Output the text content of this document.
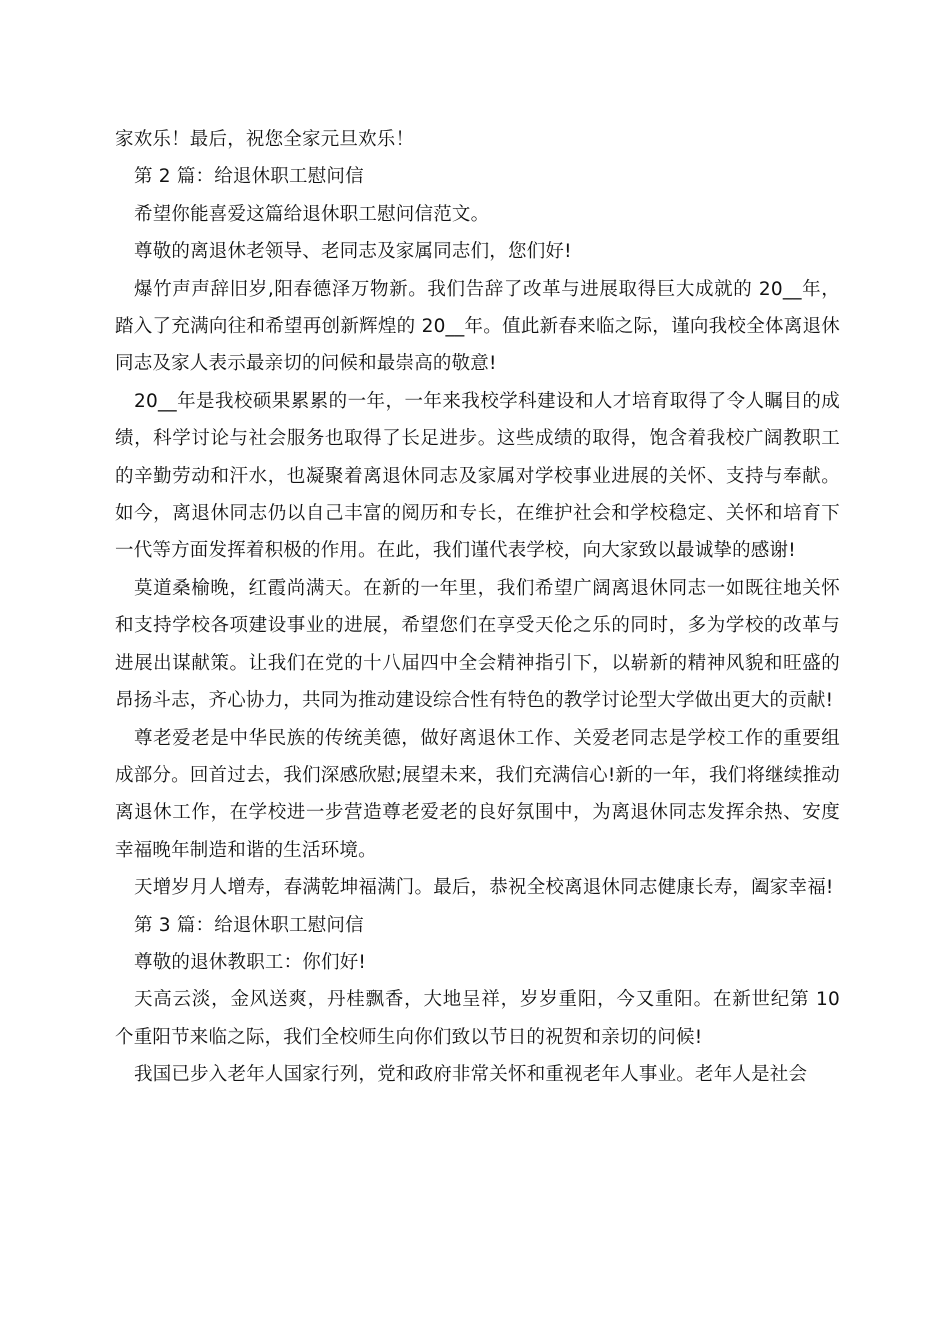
家欢乐！最后，祝您全家元旦欢乐！

第 2 篇：给退休职工慰问信

希望你能喜爱这篇给退休职工慰问信范文。

尊敬的离退休老领导、老同志及家属同志们，您们好!

爆竹声声辞旧岁,阳春德泽万物新。我们告辞了改革与进展取得巨大成就的 20__年，踏入了充满向往和希望再创新辉煌的 20__年。值此新春来临之际，谨向我校全体离退休同志及家人表示最亲切的问候和最崇高的敬意!

20__年是我校硕果累累的一年，一年来我校学科建设和人才培育取得了令人瞩目的成绩，科学讨论与社会服务也取得了长足进步。这些成绩的取得，饱含着我校广阔教职工的辛勤劳动和汗水，也凝聚着离退休同志及家属对学校事业进展的关怀、支持与奉献。如今，离退休同志仍以自己丰富的阅历和专长，在维护社会和学校稳定、关怀和培育下一代等方面发挥着积极的作用。在此，我们谨代表学校，向大家致以最诚挚的感谢!

莫道桑榆晚，红霞尚满天。在新的一年里，我们希望广阔离退休同志一如既往地关怀和支持学校各项建设事业的进展，希望您们在享受天伦之乐的同时，多为学校的改革与进展出谋献策。让我们在党的十八届四中全会精神指引下，以崭新的精神风貌和旺盛的昂扬斗志，齐心协力，共同为推动建设综合性有特色的教学讨论型大学做出更大的贡献!

尊老爱老是中华民族的传统美德，做好离退休工作、关爱老同志是学校工作的重要组成部分。回首过去，我们深感欣慰;展望未来，我们充满信心!新的一年，我们将继续推动离退休工作，在学校进一步营造尊老爱老的良好氛围中，为离退休同志发挥余热、安度幸福晚年制造和谐的生活环境。

天增岁月人增寿，春满乾坤福满门。最后，恭祝全校离退休同志健康长寿，阖家幸福!

第 3 篇：给退休职工慰问信

尊敬的退休教职工：你们好!

天高云淡，金风送爽，丹桂飘香，大地呈祥，岁岁重阳，今又重阳。在新世纪第 10 个重阳节来临之际，我们全校师生向你们致以节日的祝贺和亲切的问候!

我国已步入老年人国家行列，党和政府非常关怀和重视老年人事业。老年人是社会
